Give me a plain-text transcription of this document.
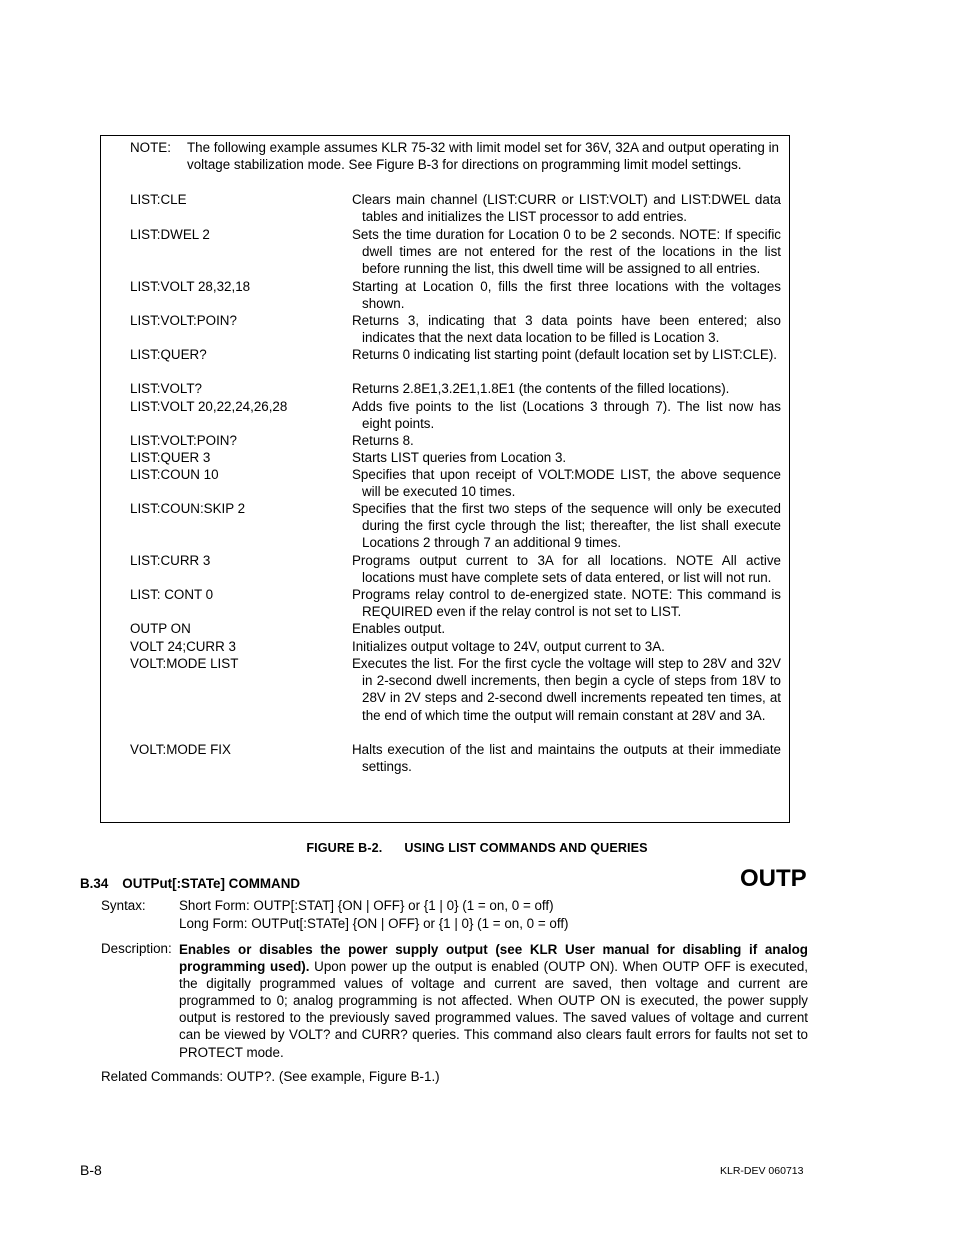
NOTE: The following example assumes KLR 75-32 with limit model set for 36V, 32A and output operating in voltage stabilization mode. See Figure B-3 for directions on programming limit model settings.
LIST:CLE	Clears main channel (LIST:CURR or LIST:VOLT) and LIST:DWEL data tables and initializes the LIST processor to add entries.
LIST:DWEL 2	Sets the time duration for Location 0 to be 2 seconds. NOTE: If specific dwell times are not entered for the rest of the locations in the list before running the list, this dwell time will be assigned to all entries.
LIST:VOLT 28,32,18	Starting at Location 0, fills the first three locations with the voltages shown.
LIST:VOLT:POIN?	Returns 3, indicating that 3 data points have been entered; also indicates that the next data location to be filled is Location 3.
LIST:QUER?	Returns 0 indicating list starting point (default location set by LIST:CLE).
LIST:VOLT?	Returns 2.8E1,3.2E1,1.8E1 (the contents of the filled locations).
LIST:VOLT 20,22,24,26,28	Adds five points to the list (Locations 3 through 7). The list now has eight points.
LIST:VOLT:POIN?	Returns 8.
LIST:QUER 3	Starts LIST queries from Location 3.
LIST:COUN 10	Specifies that upon receipt of VOLT:MODE LIST, the above sequence will be executed 10 times.
LIST:COUN:SKIP 2	Specifies that the first two steps of the sequence will only be executed during the first cycle through the list; thereafter, the list shall execute Locations 2 through 7 an additional 9 times.
LIST:CURR 3	Programs output current to 3A for all locations. NOTE All active locations must have complete sets of data entered, or list will not run.
LIST: CONT 0	Programs relay control to de-energized state. NOTE: This command is REQUIRED even if the relay control is not set to LIST.
OUTP ON	Enables output.
VOLT 24;CURR 3	Initializes output voltage to 24V, output current to 3A.
VOLT:MODE LIST	Executes the list. For the first cycle the voltage will step to 28V and 32V in 2-second dwell increments, then begin a cycle of steps from 18V to 28V in 2V steps and 2-second dwell increments repeated ten times, at the end of which time the output will remain constant at 28V and 3A.
VOLT:MODE FIX	Halts execution of the list and maintains the outputs at their immediate settings.
FIGURE B-2. USING LIST COMMANDS AND QUERIES
B.34 OUTPut[:STATe] COMMAND	OUTP
Syntax: Short Form: OUTP[:STAT] {ON | OFF} or {1 | 0} (1 = on, 0 = off)
Long Form: OUTPut[:STATe] {ON | OFF} or {1 | 0} (1 = on, 0 = off)
Description: Enables or disables the power supply output (see KLR User manual for disabling if analog programming used). Upon power up the output is enabled (OUTP ON). When OUTP OFF is executed, the digitally programmed values of voltage and current are saved, then voltage and current are programmed to 0; analog programming is not affected. When OUTP ON is executed, the power supply output is restored to the previously saved programmed values. The saved values of voltage and current can be viewed by VOLT? and CURR? queries. This command also clears fault errors for faults not set to PROTECT mode.
Related Commands: OUTP?. (See example, Figure B-1.)
B-8	KLR-DEV 060713
